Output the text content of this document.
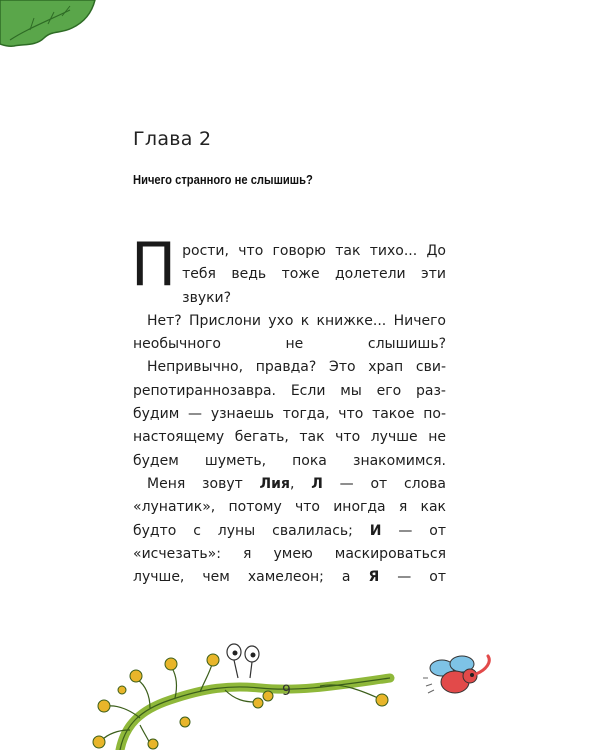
Глава 2
Ничего странного не слышишь?

Прости, что говорю так тихо... До тебя ведь тоже долетели эти звуки?

Нет? Прислони ухо к книжке... Ничего необычного не слышишь?

Непривычно, правда? Это храп сви-репотираннозавра. Если мы его раз- будим — узнаешь тогда, что такое по-настоящему бегать, так что лучше не будем шуметь, пока знакомимся.

Меня зовут Лия, Л — от слова «лунатик», потому что иногда я как будто с луны свалилась; И — от «исчезать»: я умею маскироваться лучше, чем хамелеон; а Я — от

9
